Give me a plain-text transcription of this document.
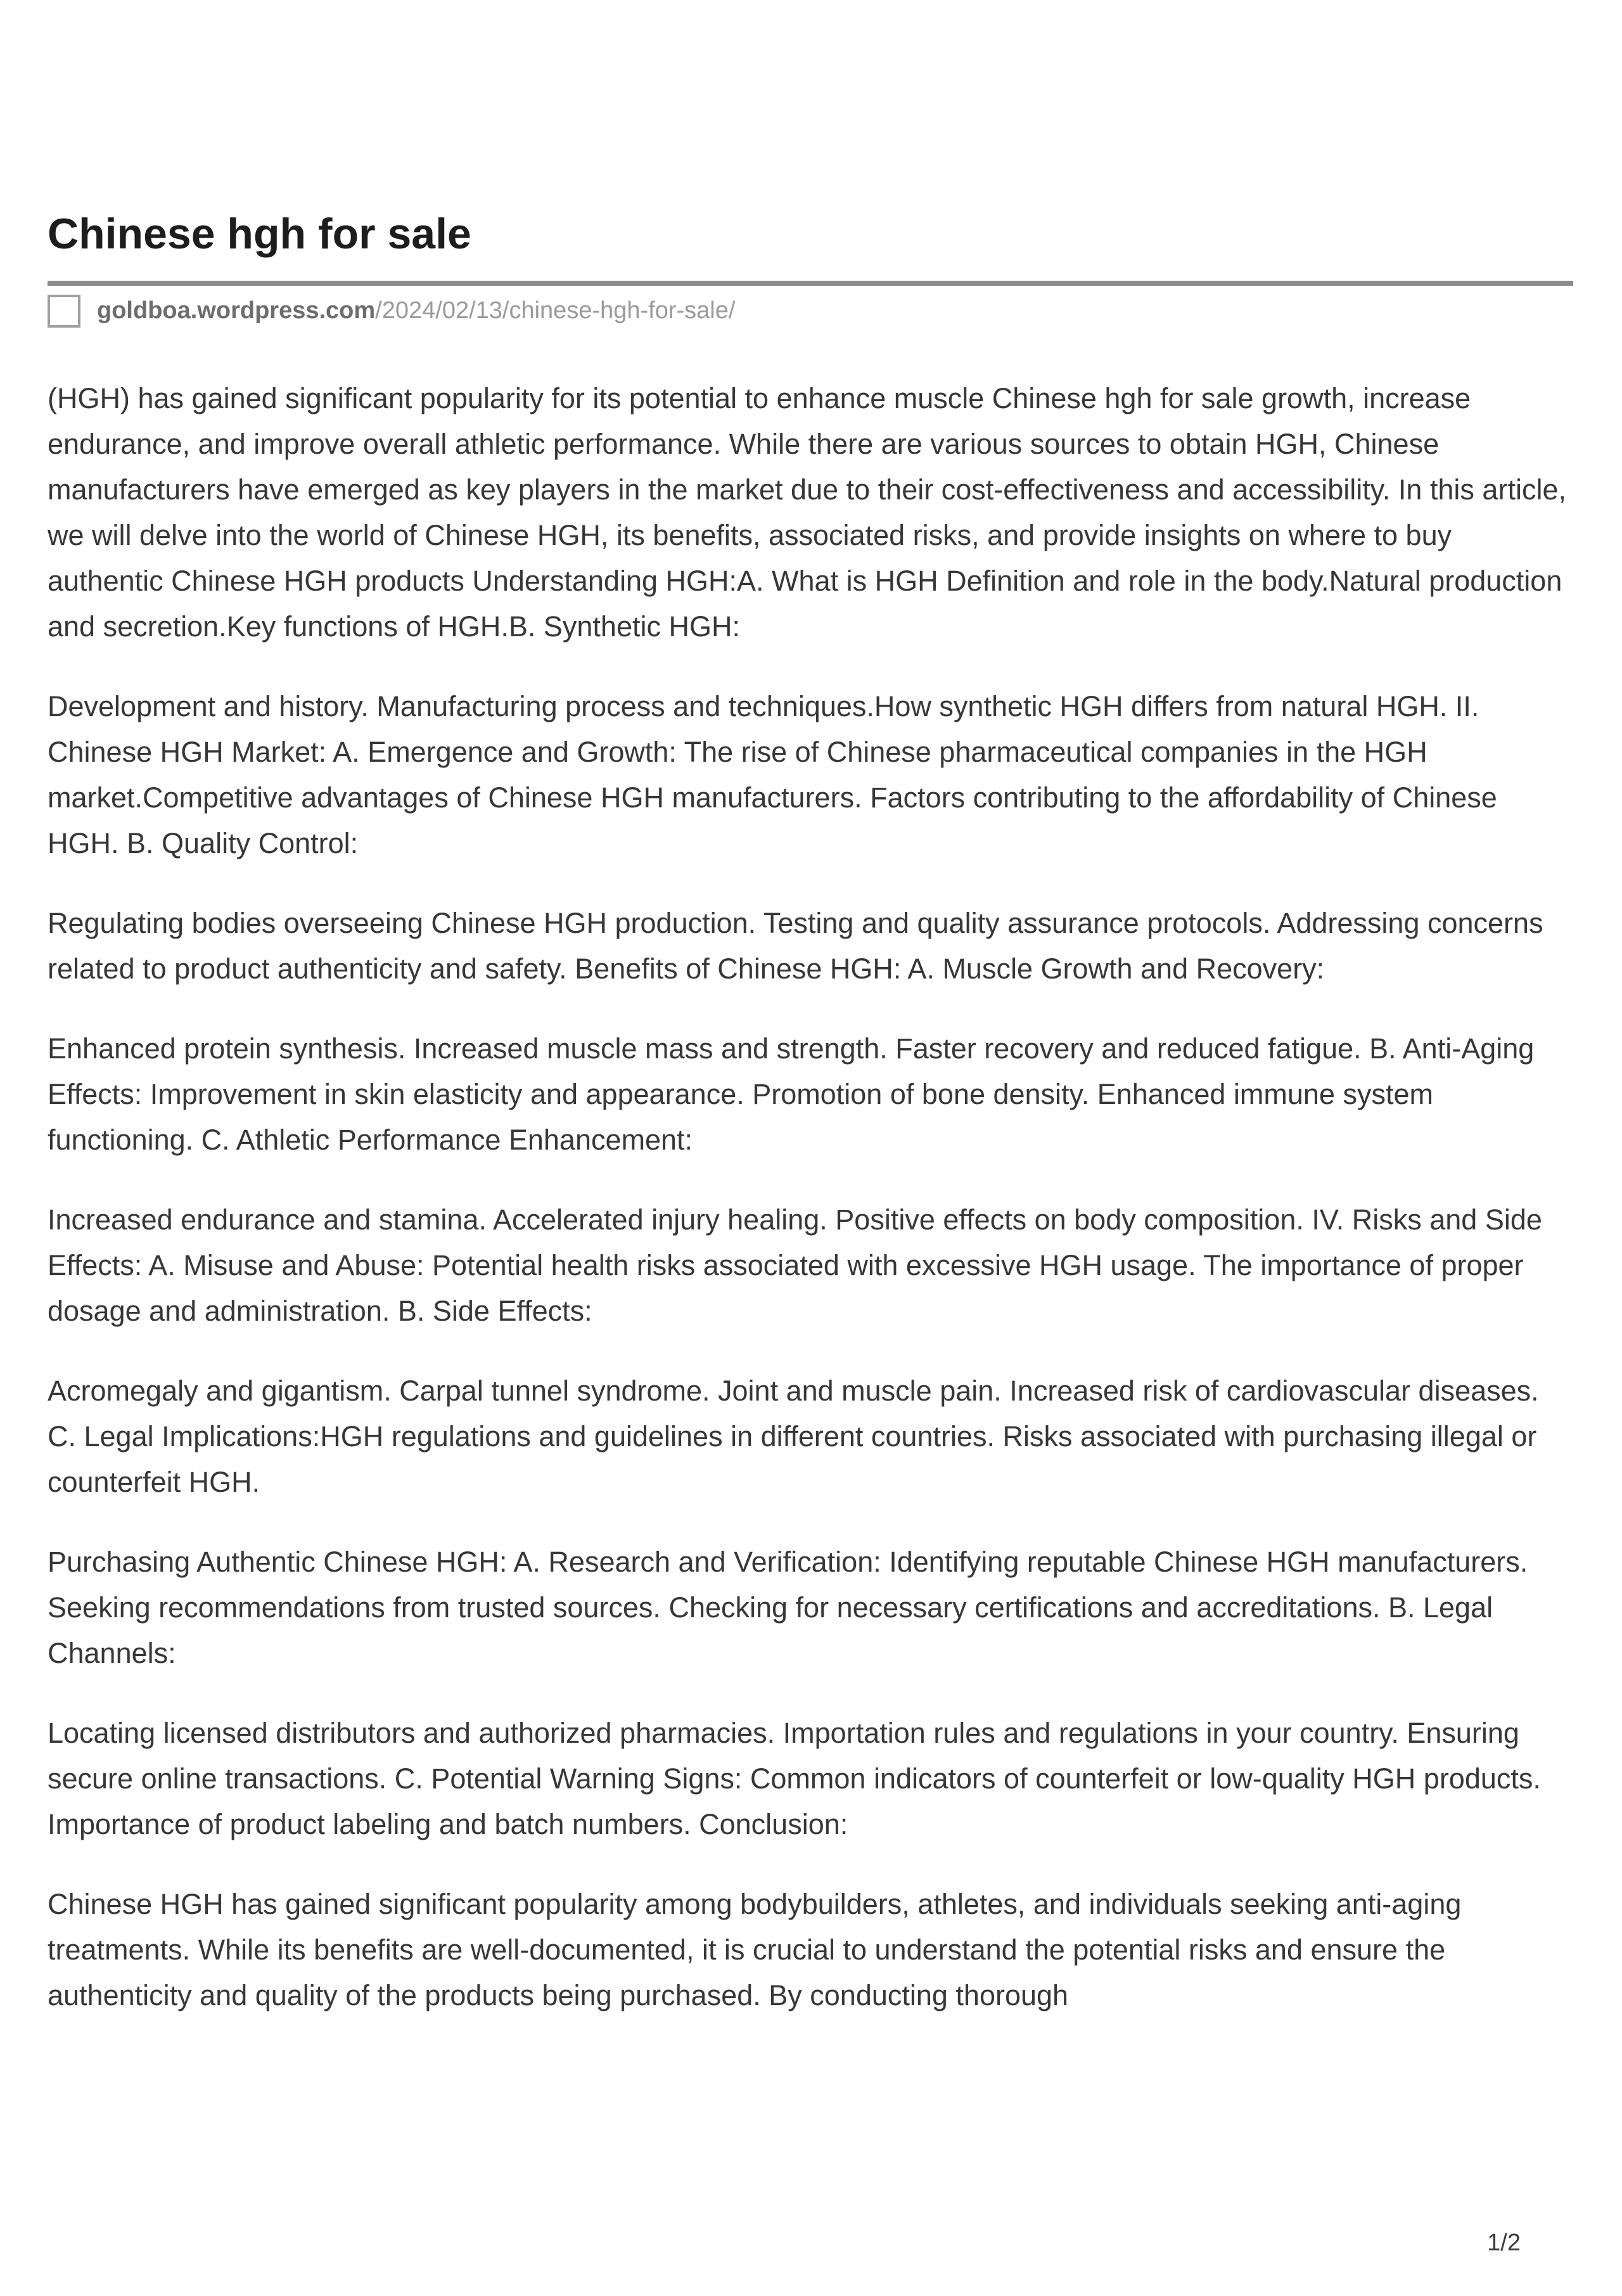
Chinese hgh for sale
goldboa.wordpress.com/2024/02/13/chinese-hgh-for-sale/

(HGH) has gained significant popularity for its potential to enhance muscle Chinese hgh for sale growth, increase endurance, and improve overall athletic performance. While there are various sources to obtain HGH, Chinese manufacturers have emerged as key players in the market due to their cost-effectiveness and accessibility. In this article, we will delve into the world of Chinese HGH, its benefits, associated risks, and provide insights on where to buy authentic Chinese HGH products Understanding HGH:A. What is HGH Definition and role in the body.Natural production and secretion.Key functions of HGH.B. Synthetic HGH:

Development and history. Manufacturing process and techniques.How synthetic HGH differs from natural HGH. II. Chinese HGH Market: A. Emergence and Growth: The rise of Chinese pharmaceutical companies in the HGH market.Competitive advantages of Chinese HGH manufacturers. Factors contributing to the affordability of Chinese HGH. B. Quality Control:

Regulating bodies overseeing Chinese HGH production. Testing and quality assurance protocols. Addressing concerns related to product authenticity and safety. Benefits of Chinese HGH: A. Muscle Growth and Recovery:

Enhanced protein synthesis. Increased muscle mass and strength. Faster recovery and reduced fatigue. B. Anti-Aging Effects: Improvement in skin elasticity and appearance. Promotion of bone density. Enhanced immune system functioning. C. Athletic Performance Enhancement:

Increased endurance and stamina. Accelerated injury healing. Positive effects on body composition. IV. Risks and Side Effects: A. Misuse and Abuse: Potential health risks associated with excessive HGH usage. The importance of proper dosage and administration. B. Side Effects:

Acromegaly and gigantism. Carpal tunnel syndrome. Joint and muscle pain. Increased risk of cardiovascular diseases. C. Legal Implications:HGH regulations and guidelines in different countries. Risks associated with purchasing illegal or counterfeit HGH.

Purchasing Authentic Chinese HGH: A. Research and Verification: Identifying reputable Chinese HGH manufacturers. Seeking recommendations from trusted sources. Checking for necessary certifications and accreditations. B. Legal Channels:

Locating licensed distributors and authorized pharmacies. Importation rules and regulations in your country. Ensuring secure online transactions. C. Potential Warning Signs: Common indicators of counterfeit or low-quality HGH products. Importance of product labeling and batch numbers. Conclusion:

Chinese HGH has gained significant popularity among bodybuilders, athletes, and individuals seeking anti-aging treatments. While its benefits are well-documented, it is crucial to understand the potential risks and ensure the authenticity and quality of the products being purchased. By conducting thorough

1/2
